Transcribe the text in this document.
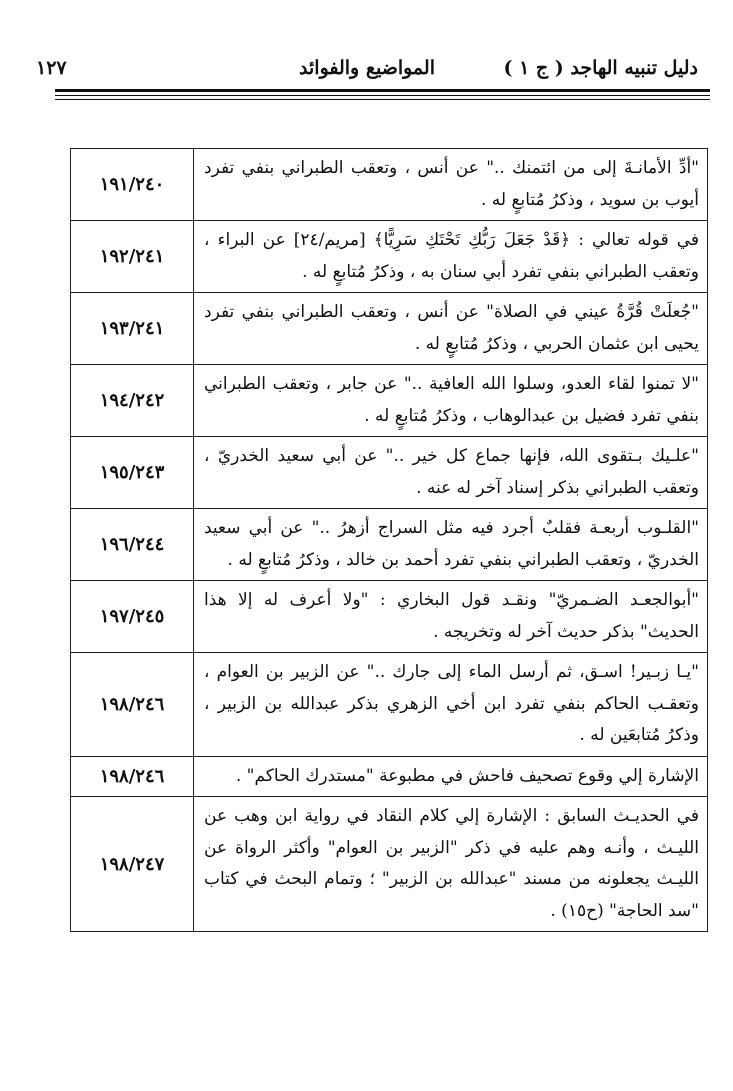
دليل تنبيه الهاجد ( ج ١ )
المواضيع والفوائد
١٢٧
"أدِّ الأمانـةَ إلى من ائتمنك .." عن أنس ، وتعقب الطبراني بنفي تفرد أيوب بن سويد ، وذكرُ مُتابعٍ له .	١٩١/٢٤٠
في قوله تعالي : ﴿قَدْ جَعَلَ رَبُّكِ تَحْتَكِ سَرِيًّا﴾ [مريم/٢٤] عن البراء ، وتعقب الطبراني بنفي تفرد أبي سنان به ، وذكرُ مُتابعٍ له .	١٩٢/٢٤١
"جُعلَتْ قُرَّةُ عيني في الصلاة" عن أنس ، وتعقب الطبراني بنفي تفرد يحيى ابن عثمان الحربي ، وذكرُ مُتابعٍ له .	١٩٣/٢٤١
"لا تمنوا لقاء العدو، وسلوا الله العافية .." عن جابر ، وتعقب الطبراني بنفي تفرد فضيل بن عبدالوهاب ، وذكرُ مُتابعٍ له .	١٩٤/٢٤٢
"علـيك بـتقوى الله، فإنها جماع كل خير .." عن أبي سعيد الخدريّ ، وتعقب الطبراني بذكر إسناد آخر له عنه .	١٩٥/٢٤٣
"القلـوب أربعـة فقلبٌ أجرد فيه مثل السراج أزهرُ .." عن أبي سعيد الخدريّ ، وتعقب الطبراني بنفي تفرد أحمد بن خالد ، وذكرُ مُتابعٍ له .	١٩٦/٢٤٤
"أبوالجعـد الضـمريّ" ونقـد قول البخاري : "ولا أعرف له إلا هذا الحديث" بذكر حديث آخر له وتخريجه .	١٩٧/٢٤٥
"يـا زبـير! اسـق، ثم أرسل الماء إلى جارك .." عن الزبير بن العوام ، وتعقـب الحاكم بنفي تفرد ابن أخي الزهري بذكر عبدالله بن الزبير ، وذكرُ مُتابعَين له .	١٩٨/٢٤٦
الإشارة إلي وقوع تصحيف فاحش في مطبوعة "مستدرك الحاكم" .	١٩٨/٢٤٦
في الحديـث السابق : الإشارة إلي كلام النقاد في رواية ابن وهب عن الليـث ، وأنـه وهم عليه في ذكر "الزبير بن العوام" وأكثر الرواة عن الليـث يجعلونه من مسند "عبدالله بن الزبير" ؛ وتمام البحث في كتاب "سد الحاجة" (ح١٥) .	١٩٨/٢٤٧
